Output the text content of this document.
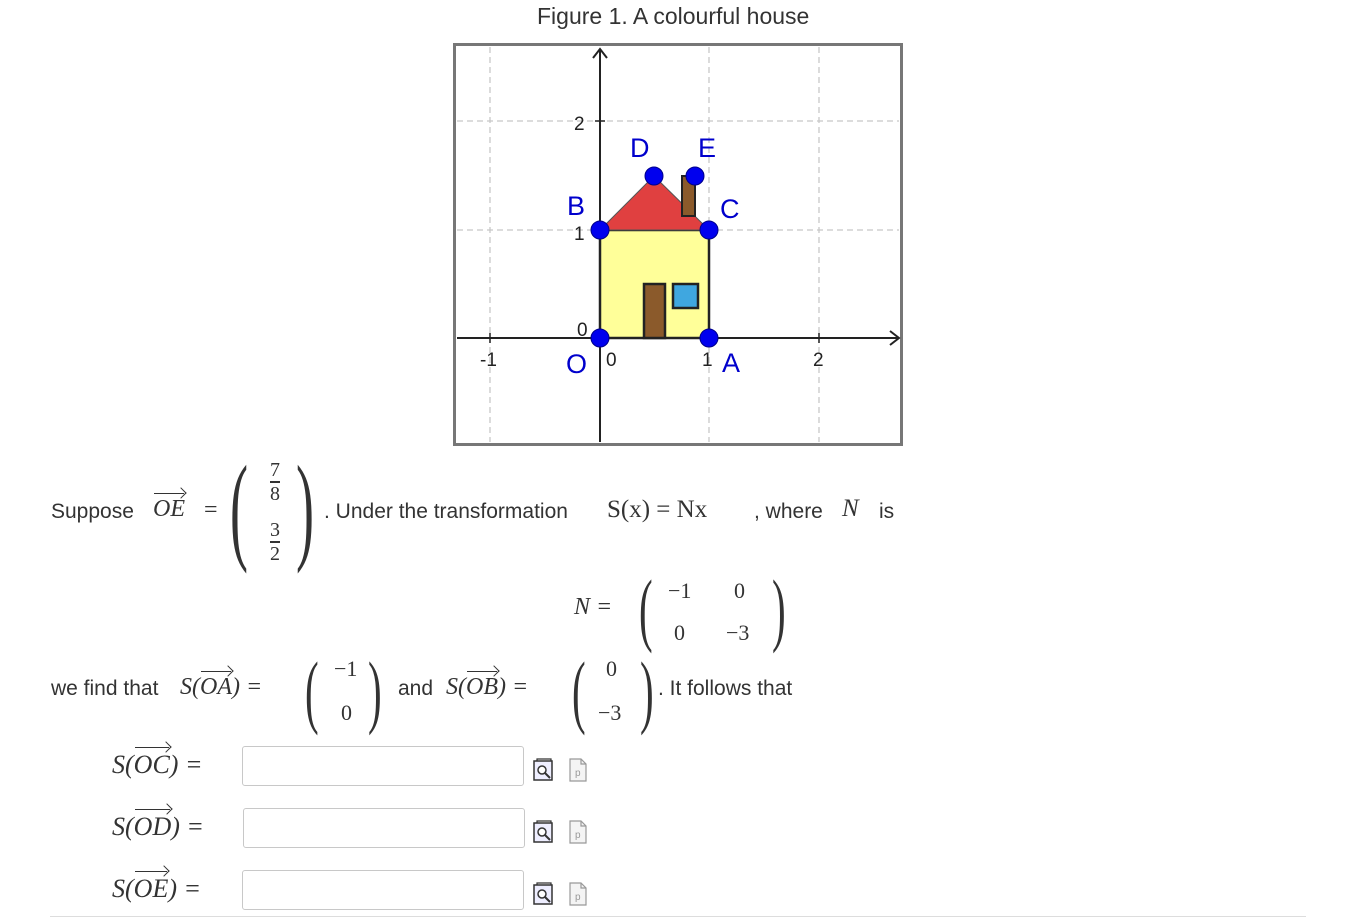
Figure 1. A colourful house
-1	0	1	2
0
1
2
O	A
B	C
D E
Suppose OE = ( $\frac{7}{8}$
$\frac{3}{2}$ ) . Under the transformation S(x) = Nx , where N is
N = ( −1 0
0 −3 )
we find that S(OA) = ( −1
0 ) and S(OB) = ( 0
−3 ) . It follows that
S(OC) =	p
S(OD) =	p
S(OE) =	p
